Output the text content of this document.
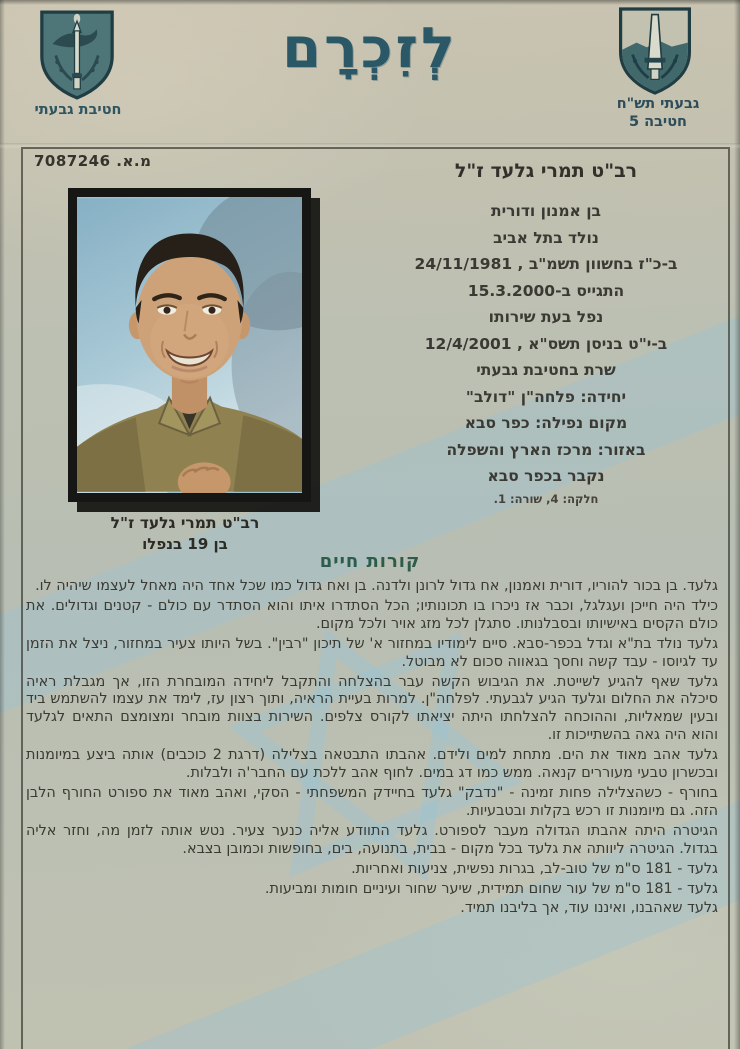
חטיבת גבעתי
לְזִכְרָם
גבעתי תש"ח
חטיבה 5
מ.א. 7087246
רב"ט תמרי גלעד ז"ל
בן 19 בנפלו
רב"ט תמרי גלעד ז"ל
בן אמנון ודורית
נולד בתל אביב
ב-כ"ז בחשוון תשמ"ב , 24/11/1981
התגייס ב-15.3.2000
נפל בעת שירותו
ב-י"ט בניסן תשס"א , 12/4/2001
שרת בחטיבת גבעתי
יחידה: פלחה"ן "דולב"
מקום נפילה: כפר סבא
באזור: מרכז הארץ והשפלה
נקבר בכפר סבא
חלקה: 4, שורה: 1.
קורות חיים

גלעד. בן בכור להוריו, דורית ואמנון, אח גדול לרונן ולדנה. בן ואח גדול כמו שכל אחד היה מאחל לעצמו שיהיה לו.

כילד היה חייכן ועגלגל, וכבר אז ניכרו בו תכונותיו; הכל הסתדרו איתו והוא הסתדר עם כולם - קטנים וגדולים. את כולם הקסים באישיותו ובסבלנותו. סתגלן לכל מזג אויר ולכל מקום.

גלעד נולד בת"א וגדל בכפר-סבא. סיים לימודיו במחזור א' של תיכון "רבין". בשל היותו צעיר במחזור, ניצל את הזמן עד לגיוסו - עבד קשה וחסך בגאווה סכום לא מבוטל.

גלעד שאף להגיע לשייטת. את הגיבוש הקשה עבר בהצלחה והתקבל ליחידה המובחרת הזו, אך מגבלת ראיה סיכלה את החלום וגלעד הגיע לגבעתי. לפלחה"ן. למרות בעיית הראיה, ותוך רצון עז, לימד את עצמו להשתמש ביד ובעין שמאליות, וההוכחה להצלחתו היתה יציאתו לקורס צלפים. השירות בצוות מובחר ומצומצם התאים לגלעד והוא היה גאה בהשתייכות זו.

גלעד אהב מאוד את הים. מתחת למים ולידם. אהבתו התבטאה בצלילה (דרגת 2 כוכבים) אותה ביצע במיומנות ובכשרון טבעי מעוררים קנאה. ממש כמו דג במים. לחוף אהב ללכת עם החבר'ה ולבלות.

בחורף - כשהצלילה פחות זמינה - "נדבק" גלעד בחיידק המשפחתי - הסקי, ואהב מאוד את ספורט החורף הלבן הזה. גם מיומנות זו רכש בקלות ובטבעיות.

הגיטרה היתה אהבתו הגדולה מעבר לספורט. גלעד התוודע אליה כנער צעיר. נטש אותה לזמן מה, וחזר אליה בגדול. הגיטרה ליוותה את גלעד בכל מקום - בבית, בתנועה, בים, בחופשות וכמובן בצבא.

גלעד - 181 ס"מ של טוב-לב, בגרות נפשית, צניעות ואחריות.

גלעד - 181 ס"מ של עור שחום תמידית, שיער שחור ועיניים חומות ומביעות.

גלעד שאהבנו, ואיננו עוד, אך בליבנו תמיד.
